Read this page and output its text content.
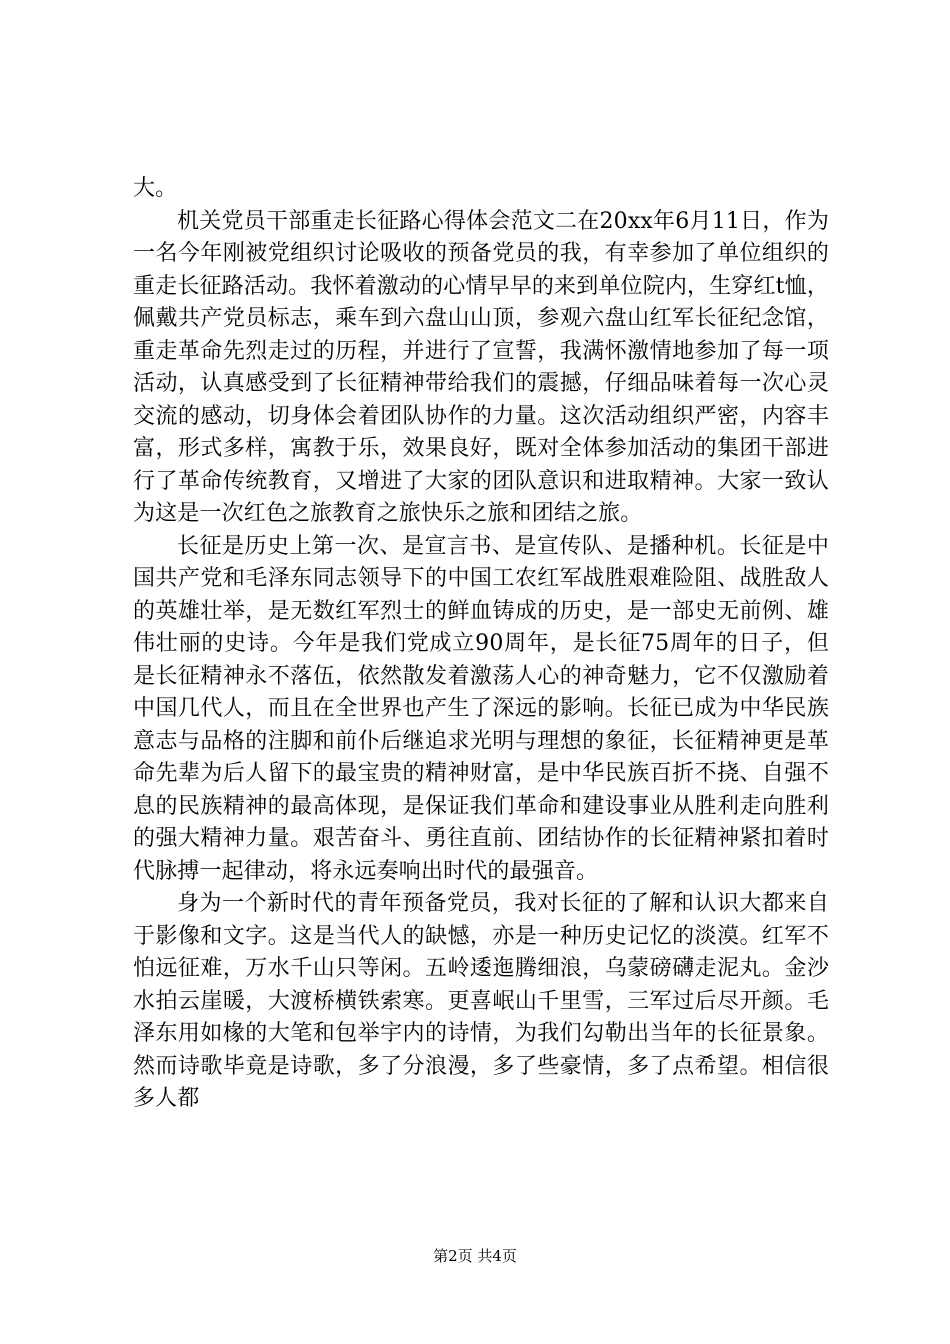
大。

机关党员干部重走长征路心得体会范文二在20xx年6月11日，作为一名今年刚被党组织讨论吸收的预备党员的我，有幸参加了单位组织的重走长征路活动。我怀着激动的心情早早的来到单位院内，生穿红t恤，佩戴共产党员标志，乘车到六盘山山顶，参观六盘山红军长征纪念馆，重走革命先烈走过的历程，并进行了宣誓，我满怀激情地参加了每一项活动，认真感受到了长征精神带给我们的震撼，仔细品味着每一次心灵交流的感动，切身体会着团队协作的力量。这次活动组织严密，内容丰富，形式多样，寓教于乐，效果良好，既对全体参加活动的集团干部进行了革命传统教育，又增进了大家的团队意识和进取精神。大家一致认为这是一次红色之旅教育之旅快乐之旅和团结之旅。

长征是历史上第一次、是宣言书、是宣传队、是播种机。长征是中国共产党和毛泽东同志领导下的中国工农红军战胜艰难险阻、战胜敌人的英雄壮举，是无数红军烈士的鲜血铸成的历史，是一部史无前例、雄伟壮丽的史诗。今年是我们党成立90周年，是长征75周年的日子，但是长征精神永不落伍，依然散发着激荡人心的神奇魅力，它不仅激励着中国几代人，而且在全世界也产生了深远的影响。长征已成为中华民族意志与品格的注脚和前仆后继追求光明与理想的象征，长征精神更是革命先辈为后人留下的最宝贵的精神财富，是中华民族百折不挠、自强不息的民族精神的最高体现，是保证我们革命和建设事业从胜利走向胜利的强大精神力量。艰苦奋斗、勇往直前、团结协作的长征精神紧扣着时代脉搏一起律动，将永远奏响出时代的最强音。

身为一个新时代的青年预备党员，我对长征的了解和认识大都来自于影像和文字。这是当代人的缺憾，亦是一种历史记忆的淡漠。红军不怕远征难，万水千山只等闲。五岭逶迤腾细浪，乌蒙磅礴走泥丸。金沙水拍云崖暖，大渡桥横铁索寒。更喜岷山千里雪，三军过后尽开颜。毛泽东用如椽的大笔和包举宇内的诗情，为我们勾勒出当年的长征景象。然而诗歌毕竟是诗歌，多了分浪漫，多了些豪情，多了点希望。相信很多人都

第2页 共4页
